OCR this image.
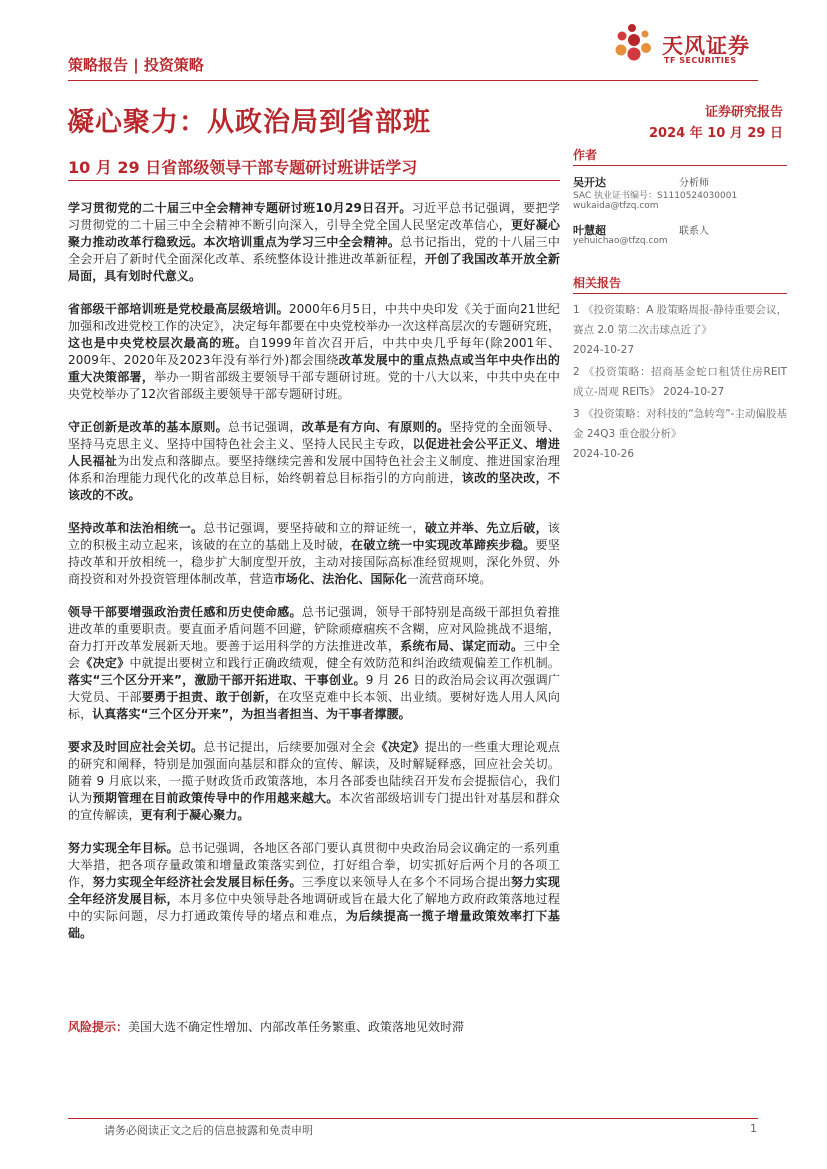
天风证券
TF SECURITIES
策略报告 | 投资策略
凝心聚力：从政治局到省部班	证券研究报告
2024 年 10 月 29 日
10 月 29 日省部级领导干部专题研讨班讲话学习

学习贯彻党的二十届三中全会精神专题研讨班10月29日召开。习近平总书记强调，要把学习贯彻党的二十届三中全会精神不断引向深入，引导全党全国人民坚定改革信心，更好凝心聚力推动改革行稳致远。本次培训重点为学习三中全会精神。总书记指出，党的十八届三中全会开启了新时代全面深化改革、系统整体设计推进改革新征程，开创了我国改革开放全新局面，具有划时代意义。

省部级干部培训班是党校最高层级培训。2000年6月5日，中共中央印发《关于面向21世纪加强和改进党校工作的决定》，决定每年都要在中央党校举办一次这样高层次的专题研究班，这也是中央党校层次最高的班。自1999年首次召开后，中共中央几乎每年(除2001年、2009年、2020年及2023年没有举行外)都会围绕改革发展中的重点热点或当年中央作出的重大决策部署，举办一期省部级主要领导干部专题研讨班。党的十八大以来，中共中央在中央党校举办了12次省部级主要领导干部专题研讨班。

守正创新是改革的基本原则。总书记强调，改革是有方向、有原则的。坚持党的全面领导、坚持马克思主义、坚持中国特色社会主义、坚持人民民主专政，以促进社会公平正义、增进人民福祉为出发点和落脚点。要坚持继续完善和发展中国特色社会主义制度、推进国家治理体系和治理能力现代化的改革总目标，始终朝着总目标指引的方向前进，该改的坚决改，不该改的不改。

坚持改革和法治相统一。总书记强调，要坚持破和立的辩证统一，破立并举、先立后破，该立的积极主动立起来，该破的在立的基础上及时破，在破立统一中实现改革蹄疾步稳。要坚持改革和开放相统一，稳步扩大制度型开放，主动对接国际高标准经贸规则，深化外贸、外商投资和对外投资管理体制改革，营造市场化、法治化、国际化一流营商环境。

领导干部要增强政治责任感和历史使命感。总书记强调，领导干部特别是高级干部担负着推进改革的重要职责。要直面矛盾问题不回避，铲除顽瘴痼疾不含糊，应对风险挑战不退缩，奋力打开改革发展新天地。要善于运用科学的方法推进改革，系统布局、谋定而动。三中全会《决定》中就提出要树立和践行正确政绩观，健全有效防范和纠治政绩观偏差工作机制。落实“三个区分开来”，激励干部开拓进取、干事创业。9 月 26 日的政治局会议再次强调广大党员、干部要勇于担责、敢于创新，在攻坚克难中长本领、出业绩。要树好选人用人风向标，认真落实“三个区分开来”，为担当者担当、为干事者撑腰。

要求及时回应社会关切。总书记提出，后续要加强对全会《决定》提出的一些重大理论观点的研究和阐释，特别是加强面向基层和群众的宣传、解读，及时解疑释惑，回应社会关切。随着 9 月底以来，一揽子财政货币政策落地，本月各部委也陆续召开发布会提振信心，我们认为预期管理在目前政策传导中的作用越来越大。本次省部级培训专门提出针对基层和群众的宣传解读，更有利于凝心聚力。

努力实现全年目标。总书记强调，各地区各部门要认真贯彻中央政治局会议确定的一系列重大举措，把各项存量政策和增量政策落实到位，打好组合拳，切实抓好后两个月的各项工作，努力实现全年经济社会发展目标任务。三季度以来领导人在多个不同场合提出努力实现全年经济发展目标，本月多位中央领导赴各地调研或旨在最大化了解地方政府政策落地过程中的实际问题，尽力打通政策传导的堵点和难点，为后续提高一揽子增量政策效率打下基础。

作者
吴开达	分析师
SAC 执业证书编号：S1110524030001
wukaida@tfzq.com
叶慧超	联系人
yehuichao@tfzq.com
相关报告
1 《投资策略：A 股策略周报-静待重要会议，赛点 2.0 第二次击球点近了》
2024-10-27
2 《投资策略：招商基金蛇口租赁住房REIT 成立-周观 REITs》 2024-10-27
3 《投资策略：对科技的“急转弯”-主动偏股基金 24Q3 重仓股分析》
2024-10-26
风险提示：美国大选不确定性增加、内部改革任务繁重、政策落地见效时滞
请务必阅读正文之后的信息披露和免责申明	1
